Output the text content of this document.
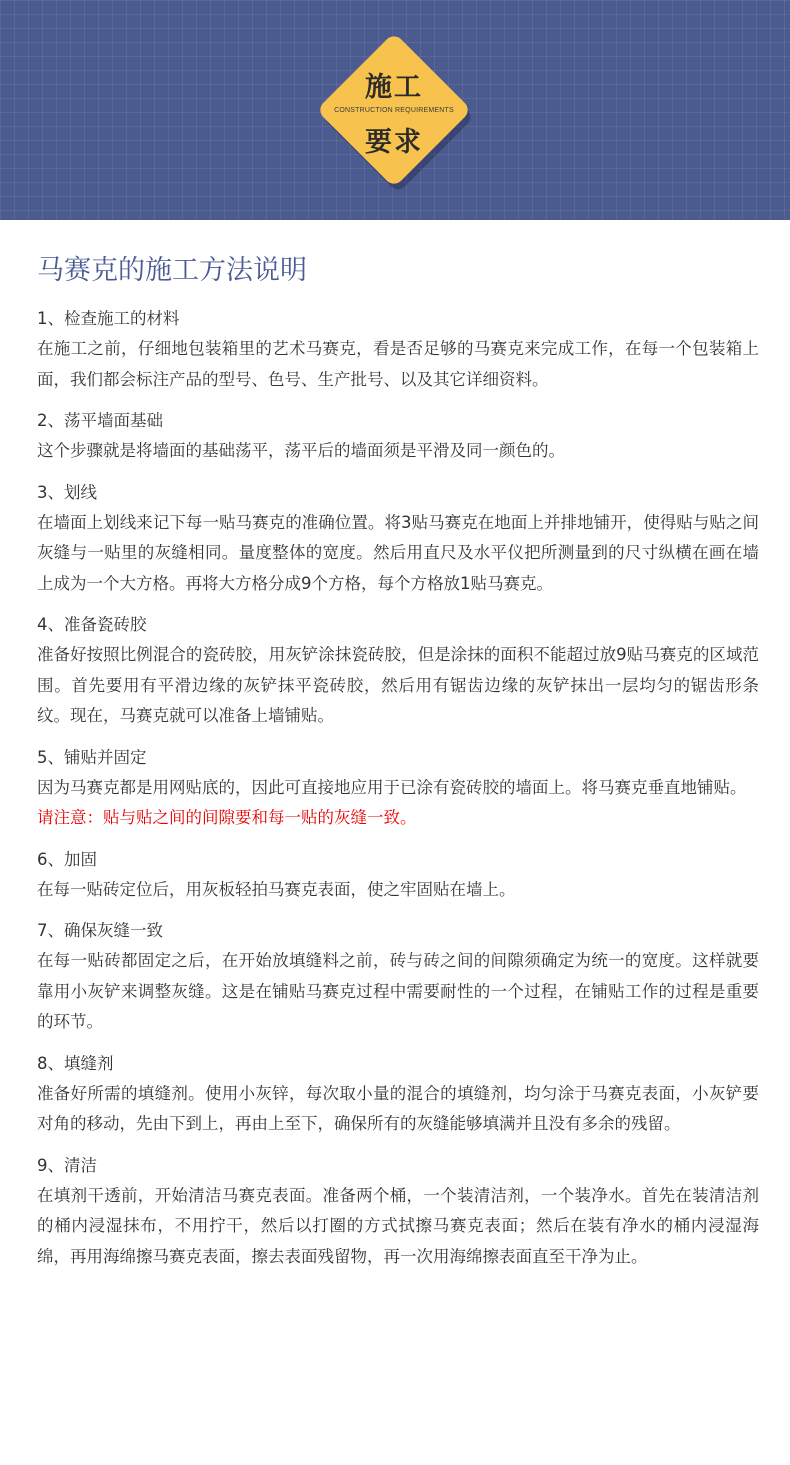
施工
CONSTRUCTION REQUIREMENTS
要求
马赛克的施工方法说明
1、检查施工的材料
在施工之前，仔细地包装箱里的艺术马赛克，看是否足够的马赛克来完成工作，在每一个包装箱上面，我们都会标注产品的型号、色号、生产批号、以及其它详细资料。
2、荡平墙面基础
这个步骤就是将墙面的基础荡平，荡平后的墙面须是平滑及同一颜色的。
3、划线
在墙面上划线来记下每一贴马赛克的准确位置。将3贴马赛克在地面上并排地铺开，使得贴与贴之间灰缝与一贴里的灰缝相同。量度整体的宽度。然后用直尺及水平仪把所测量到的尺寸纵横在画在墙上成为一个大方格。再将大方格分成9个方格，每个方格放1贴马赛克。
4、准备瓷砖胶
准备好按照比例混合的瓷砖胶，用灰铲涂抹瓷砖胶，但是涂抹的面积不能超过放9贴马赛克的区域范围。首先要用有平滑边缘的灰铲抹平瓷砖胶，然后用有锯齿边缘的灰铲抹出一层均匀的锯齿形条纹。现在，马赛克就可以准备上墙铺贴。
5、铺贴并固定
因为马赛克都是用网贴底的，因此可直接地应用于已涂有瓷砖胶的墙面上。将马赛克垂直地铺贴。
请注意：贴与贴之间的间隙要和每一贴的灰缝一致。
6、加固
在每一贴砖定位后，用灰板轻拍马赛克表面，使之牢固贴在墙上。
7、确保灰缝一致
在每一贴砖都固定之后，在开始放填缝料之前，砖与砖之间的间隙须确定为统一的宽度。这样就要靠用小灰铲来调整灰缝。这是在铺贴马赛克过程中需要耐性的一个过程，在铺贴工作的过程是重要的环节。
8、填缝剂
准备好所需的填缝剂。使用小灰锌，每次取小量的混合的填缝剂，均匀涂于马赛克表面，小灰铲要对角的移动，先由下到上，再由上至下，确保所有的灰缝能够填满并且没有多余的残留。
9、清洁
在填剂干透前，开始清洁马赛克表面。准备两个桶，一个装清洁剂，一个装净水。首先在装清洁剂的桶内浸湿抹布，不用拧干，然后以打圈的方式拭擦马赛克表面；然后在装有净水的桶内浸湿海绵，再用海绵擦马赛克表面，擦去表面残留物，再一次用海绵擦表面直至干净为止。
